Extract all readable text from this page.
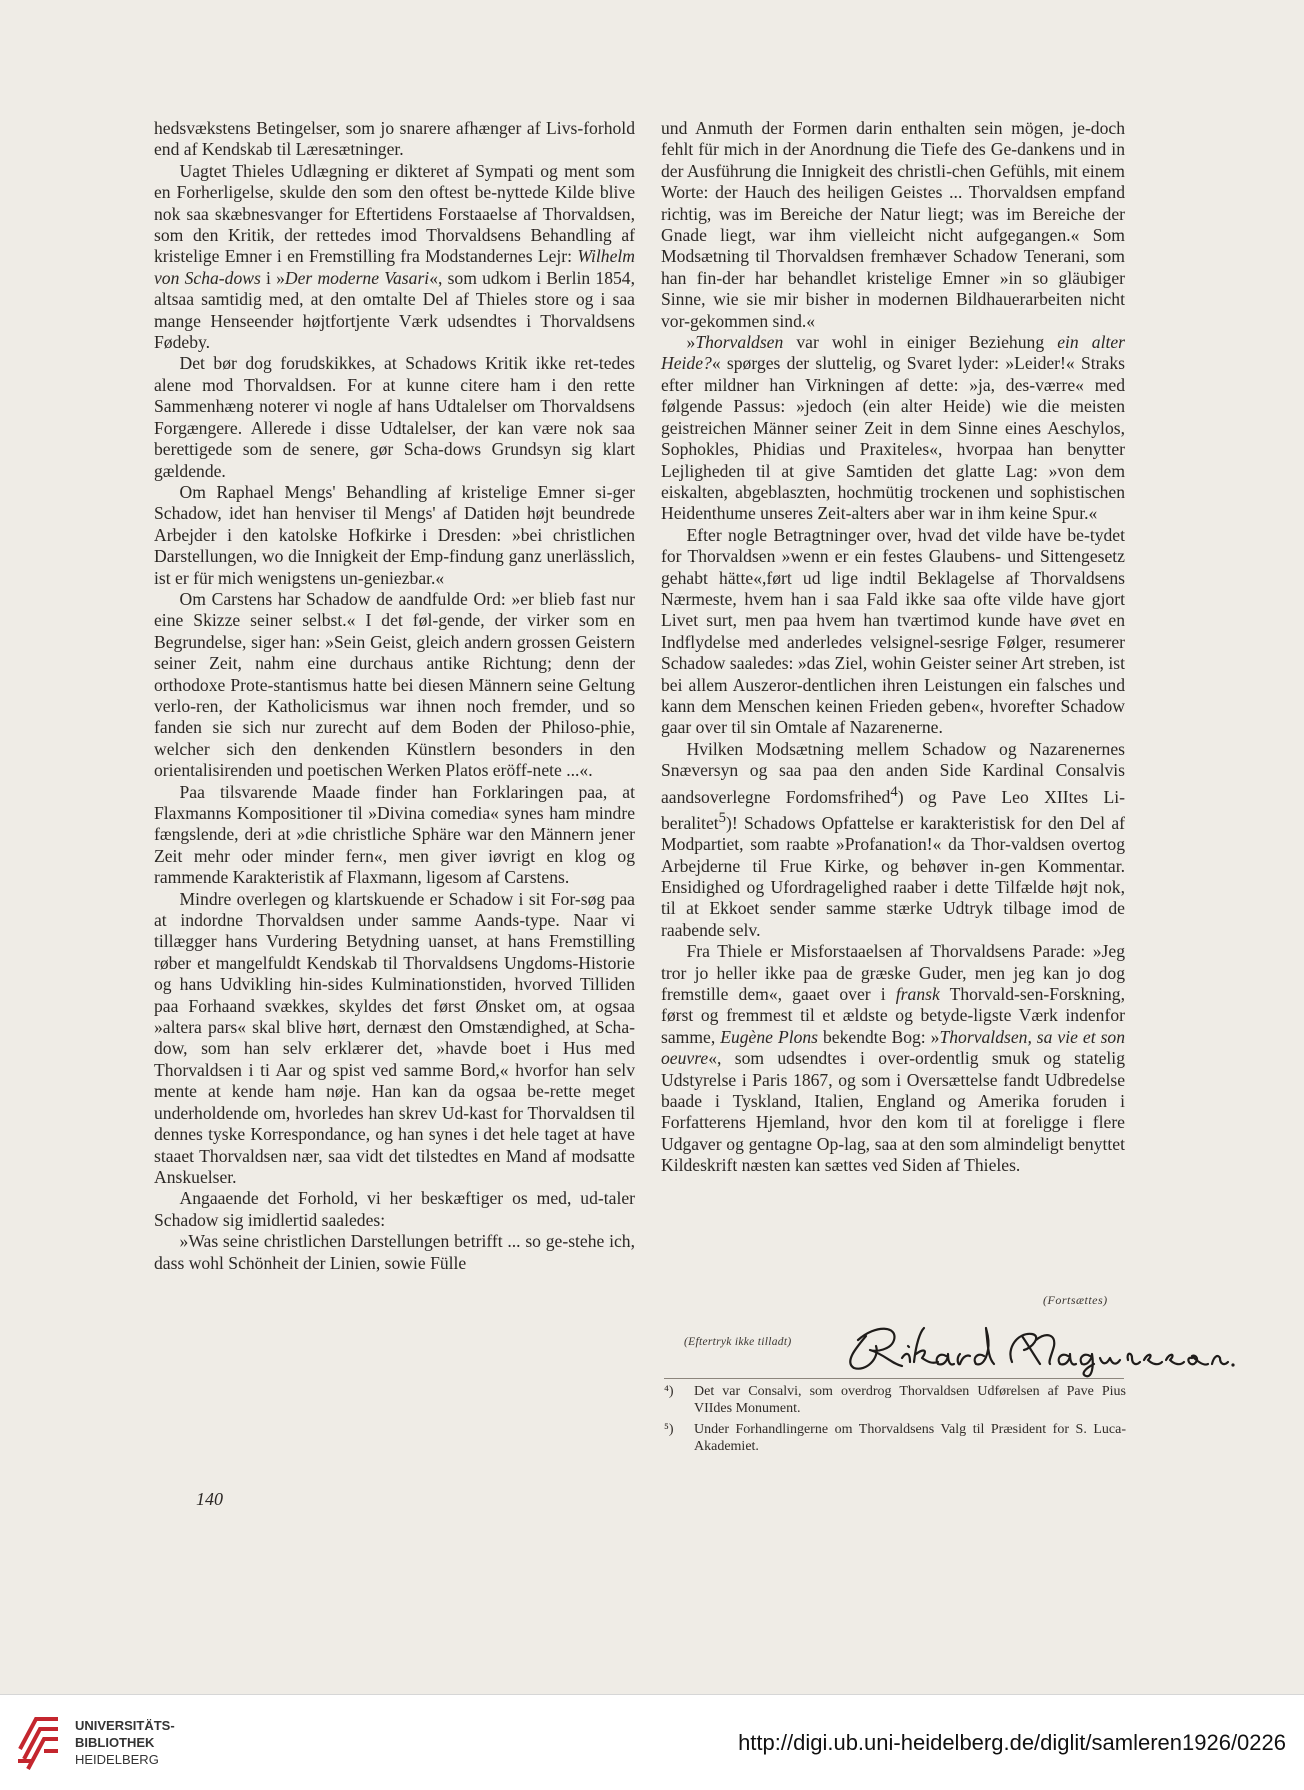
hedsvækstens Betingelser, som jo snarere afhænger af Livs-forhold end af Kendskab til Læresætninger.

Uagtet Thieles Udlægning er dikteret af Sympati og ment som en Forherligelse, skulde den som den oftest be-nyttede Kilde blive nok saa skæbnesvanger for Eftertidens Forstaaelse af Thorvaldsen, som den Kritik, der rettedes imod Thorvaldsens Behandling af kristelige Emner i en Fremstilling fra Modstandernes Lejr: Wilhelm von Scha-dows i »Der moderne Vasari«, som udkom i Berlin 1854, altsaa samtidig med, at den omtalte Del af Thieles store og i saa mange Henseender højtfortjente Værk udsendtes i Thorvaldsens Fødeby.

Det bør dog forudskikkes, at Schadows Kritik ikke ret-tedes alene mod Thorvaldsen. For at kunne citere ham i den rette Sammenhæng noterer vi nogle af hans Udtalelser om Thorvaldsens Forgængere. Allerede i disse Udtalelser, der kan være nok saa berettigede som de senere, gør Scha-dows Grundsyn sig klart gældende.

Om Raphael Mengs' Behandling af kristelige Emner si-ger Schadow, idet han henviser til Mengs' af Datiden højt beundrede Arbejder i den katolske Hofkirke i Dresden: »bei christlichen Darstellungen, wo die Innigkeit der Emp-findung ganz unerlässlich, ist er für mich wenigstens un-geniezbar.«

Om Carstens har Schadow de aandfulde Ord: »er blieb fast nur eine Skizze seiner selbst.« I det føl-gende, der virker som en Begrundelse, siger han: »Sein Geist, gleich andern grossen Geistern seiner Zeit, nahm eine durchaus antike Richtung; denn der orthodoxe Prote-stantismus hatte bei diesen Männern seine Geltung verlo-ren, der Katholicismus war ihnen noch fremder, und so fanden sie sich nur zurecht auf dem Boden der Philoso-phie, welcher sich den denkenden Künstlern besonders in den orientalisirenden und poetischen Werken Platos eröff-nete ...«.

Paa tilsvarende Maade finder han Forklaringen paa, at Flaxmanns Kompositioner til »Divina comedia« synes ham mindre fængslende, deri at »die christliche Sphäre war den Männern jener Zeit mehr oder minder fern«, men giver iøvrigt en klog og rammende Karakteristik af Flaxmann, ligesom af Carstens.

Mindre overlegen og klartskuende er Schadow i sit For-søg paa at indordne Thorvaldsen under samme Aands-type. Naar vi tillægger hans Vurdering Betydning uanset, at hans Fremstilling røber et mangelfuldt Kendskab til Thorvaldsens Ungdoms-Historie og hans Udvikling hin-sides Kulminationstiden, hvorved Tilliden paa Forhaand svækkes, skyldes det først Ønsket om, at ogsaa »altera pars« skal blive hørt, dernæst den Omstændighed, at Scha-dow, som han selv erklærer det, »havde boet i Hus med Thorvaldsen i ti Aar og spist ved samme Bord,« hvorfor han selv mente at kende ham nøje. Han kan da ogsaa be-rette meget underholdende om, hvorledes han skrev Ud-kast for Thorvaldsen til dennes tyske Korrespondance, og han synes i det hele taget at have staaet Thorvaldsen nær, saa vidt det tilstedtes en Mand af modsatte Anskuelser.

Angaaende det Forhold, vi her beskæftiger os med, ud-taler Schadow sig imidlertid saaledes:

»Was seine christlichen Darstellungen betrifft ... so ge-stehe ich, dass wohl Schönheit der Linien, sowie Fülle

und Anmuth der Formen darin enthalten sein mögen, je-doch fehlt für mich in der Anordnung die Tiefe des Ge-dankens und in der Ausführung die Innigkeit des christli-chen Gefühls, mit einem Worte: der Hauch des heiligen Geistes ... Thorvaldsen empfand richtig, was im Bereiche der Natur liegt; was im Bereiche der Gnade liegt, war ihm vielleicht nicht aufgegangen.« Som Modsætning til Thorvaldsen fremhæver Schadow Tenerani, som han fin-der har behandlet kristelige Emner »in so gläubiger Sinne, wie sie mir bisher in modernen Bildhauerarbeiten nicht vor-gekommen sind.«

»Thorvaldsen var wohl in einiger Beziehung ein alter Heide?« spørges der sluttelig, og Svaret lyder: »Leider!« Straks efter mildner han Virkningen af dette: »ja, des-værre« med følgende Passus: »jedoch (ein alter Heide) wie die meisten geistreichen Männer seiner Zeit in dem Sinne eines Aeschylos, Sophokles, Phidias und Praxiteles«, hvorpaa han benytter Lejligheden til at give Samtiden det glatte Lag: »von dem eiskalten, abgeblaszten, hochmütig trockenen und sophistischen Heidenthume unseres Zeit-alters aber war in ihm keine Spur.«

Efter nogle Betragtninger over, hvad det vilde have be-tydet for Thorvaldsen »wenn er ein festes Glaubens- und Sittengesetz gehabt hätte«,ført ud lige indtil Beklagelse af Thorvaldsens Nærmeste, hvem han i saa Fald ikke saa ofte vilde have gjort Livet surt, men paa hvem han tværtimod kunde have øvet en Indflydelse med anderledes velsignel-sesrige Følger, resumerer Schadow saaledes: »das Ziel, wohin Geister seiner Art streben, ist bei allem Auszeror-dentlichen ihren Leistungen ein falsches und kann dem Menschen keinen Frieden geben«, hvorefter Schadow gaar over til sin Omtale af Nazarenerne.

Hvilken Modsætning mellem Schadow og Nazarenernes Snæversyn og saa paa den anden Side Kardinal Consalvis aandsoverlegne Fordomsfrihed$^4$) og Pave Leo XIItes Li-beralitet$^5$)! Schadows Opfattelse er karakteristisk for den Del af Modpartiet, som raabte »Profanation!« da Thor-valdsen overtog Arbejderne til Frue Kirke, og behøver in-gen Kommentar. Ensidighed og Ufordragelighed raaber i dette Tilfælde højt nok, til at Ekkoet sender samme stærke Udtryk tilbage imod de raabende selv.

Fra Thiele er Misforstaaelsen af Thorvaldsens Parade: »Jeg tror jo heller ikke paa de græske Guder, men jeg kan jo dog fremstille dem«, gaaet over i fransk Thorvald-sen-Forskning, først og fremmest til et ældste og betyde-ligste Værk indenfor samme, Eugène Plons bekendte Bog: »Thorvaldsen, sa vie et son oeuvre«, som udsendtes i over-ordentlig smuk og statelig Udstyrelse i Paris 1867, og som i Oversættelse fandt Udbredelse baade i Tyskland, Italien, England og Amerika foruden i Forfatterens Hjemland, hvor den kom til at foreligge i flere Udgaver og gentagne Op-lag, saa at den som almindeligt benyttet Kildeskrift næsten kan sættes ved Siden af Thieles.

(Fortsættes)
(Eftertryk ikke tilladt)
⁴) Det var Consalvi, som overdrog Thorvaldsen Udførelsen af Pave Pius VIIdes Monument.
⁵) Under Forhandlingerne om Thorvaldsens Valg til Præsident for S. Luca-Akademiet.
140
UNIVERSITÄTS-
BIBLIOTHEK
HEIDELBERG
http://digi.ub.uni-heidelberg.de/diglit/samleren1926/0226
